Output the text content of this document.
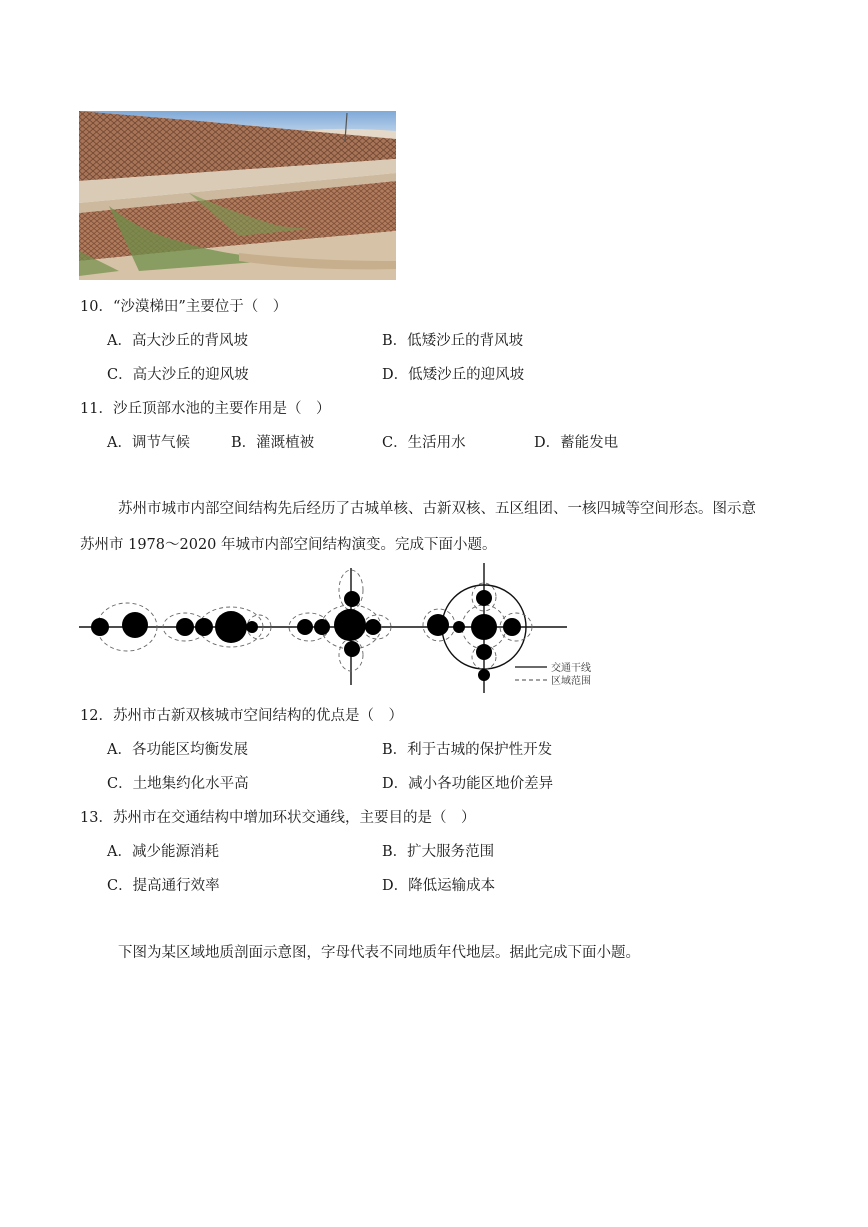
10．“沙漠梯田”主要位于（　）
A．高大沙丘的背风坡	B．低矮沙丘的背风坡
C．高大沙丘的迎风坡	D．低矮沙丘的迎风坡
11．沙丘顶部水池的主要作用是（　）
A．调节气候	B．灌溉植被	C．生活用水	D．蓄能发电
苏州市城市内部空间结构先后经历了古城单核、古新双核、五区组团、一核四城等空间形态。图示意
苏州市 1978～2020 年城市内部空间结构演变。完成下面小题。
交通干线
区域范围
12．苏州市古新双核城市空间结构的优点是（　）
A．各功能区均衡发展	B．利于古城的保护性开发
C．土地集约化水平高	D．减小各功能区地价差异
13．苏州市在交通结构中增加环状交通线，主要目的是（　）
A．减少能源消耗	B．扩大服务范围
C．提高通行效率	D．降低运输成本
下图为某区域地质剖面示意图，字母代表不同地质年代地层。据此完成下面小题。
